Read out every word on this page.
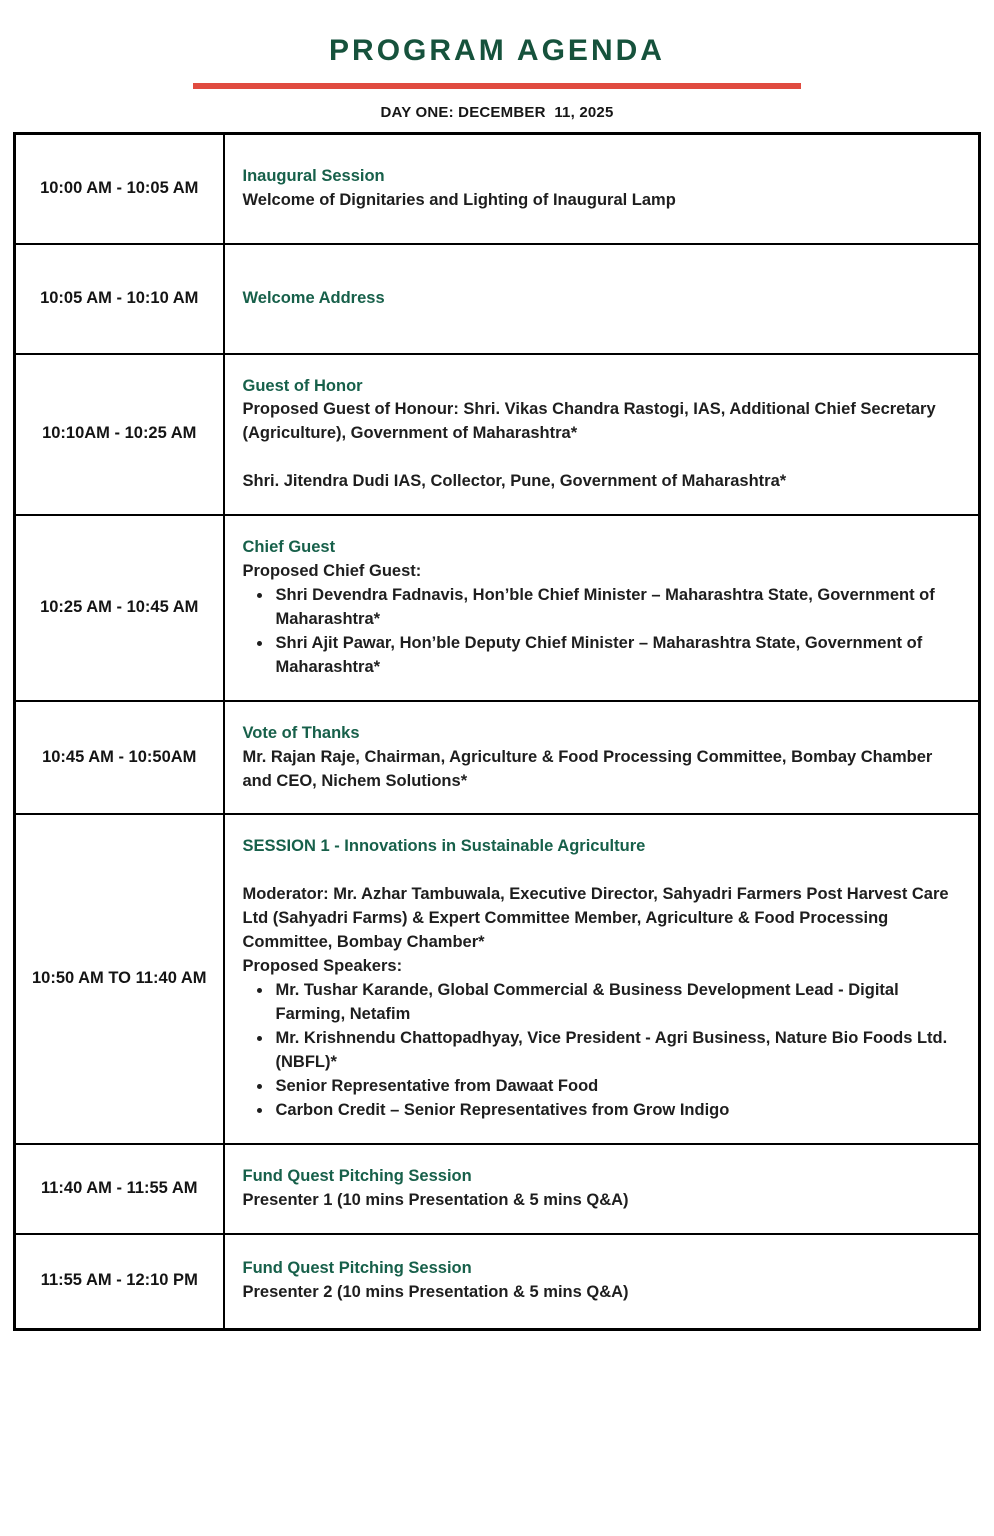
PROGRAM AGENDA
DAY ONE: DECEMBER  11, 2025
10:00 AM - 10:05 AM	Inaugural Session
Welcome of Dignitaries and Lighting of Inaugural Lamp

10:05 AM - 10:10 AM	Welcome Address

10:10AM - 10:25 AM	Guest of Honor
Proposed Guest of Honour: Shri. Vikas Chandra Rastogi, IAS, Additional Chief Secretary (Agriculture), Government of Maharashtra*
Shri. Jitendra Dudi IAS, Collector, Pune, Government of Maharashtra*

10:25 AM - 10:45 AM	
Chief Guest
Proposed Chief Guest:
• Shri Devendra Fadnavis, Hon’ble Chief Minister – Maharashtra State, Government of Maharashtra*
• Shri Ajit Pawar, Hon’ble Deputy Chief Minister – Maharashtra State, Government of Maharashtra*

10:45 AM - 10:50AM	Vote of Thanks
Mr. Rajan Raje, Chairman, Agriculture & Food Processing Committee, Bombay Chamber and CEO, Nichem Solutions*

10:50 AM TO 11:40 AM	
SESSION 1 - Innovations in Sustainable Agriculture
Moderator: Mr. Azhar Tambuwala, Executive Director, Sahyadri Farmers Post Harvest Care Ltd (Sahyadri Farms) & Expert Committee Member, Agriculture & Food Processing Committee, Bombay Chamber*
Proposed Speakers:
• Mr. Tushar Karande, Global Commercial & Business Development Lead - Digital Farming, Netafim
• Mr. Krishnendu Chattopadhyay, Vice President - Agri Business, Nature Bio Foods Ltd. (NBFL)*
• Senior Representative from Dawaat Food
• Carbon Credit – Senior Representatives from Grow Indigo

11:40 AM - 11:55 AM	Fund Quest Pitching Session
Presenter 1 (10 mins Presentation & 5 mins Q&A)

11:55 AM - 12:10 PM	Fund Quest Pitching Session
Presenter 2 (10 mins Presentation & 5 mins Q&A)
